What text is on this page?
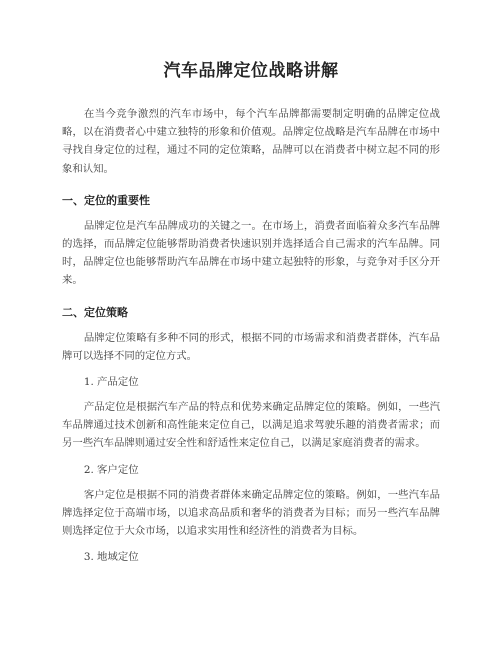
汽车品牌定位战略讲解

在当今竞争激烈的汽车市场中，每个汽车品牌都需要制定明确的品牌定位战略，以在消费者心中建立独特的形象和价值观。品牌定位战略是汽车品牌在市场中寻找自身定位的过程，通过不同的定位策略，品牌可以在消费者中树立起不同的形象和认知。

一、定位的重要性

品牌定位是汽车品牌成功的关键之一。在市场上，消费者面临着众多汽车品牌的选择，而品牌定位能够帮助消费者快速识别并选择适合自己需求的汽车品牌。同时，品牌定位也能够帮助汽车品牌在市场中建立起独特的形象，与竞争对手区分开来。

二、定位策略

品牌定位策略有多种不同的形式，根据不同的市场需求和消费者群体，汽车品牌可以选择不同的定位方式。

1. 产品定位

产品定位是根据汽车产品的特点和优势来确定品牌定位的策略。例如，一些汽车品牌通过技术创新和高性能来定位自己，以满足追求驾驶乐趣的消费者需求；而另一些汽车品牌则通过安全性和舒适性来定位自己，以满足家庭消费者的需求。

2. 客户定位

客户定位是根据不同的消费者群体来确定品牌定位的策略。例如，一些汽车品牌选择定位于高端市场，以追求高品质和奢华的消费者为目标；而另一些汽车品牌则选择定位于大众市场，以追求实用性和经济性的消费者为目标。

3. 地域定位
